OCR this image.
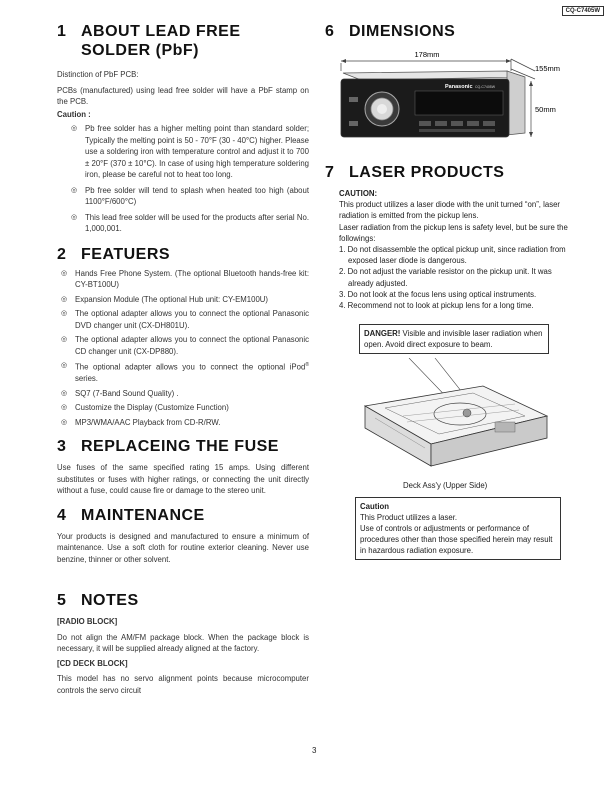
CQ-C7405W
1 ABOUT LEAD FREE
SOLDER (PbF)

Distinction of PbF PCB:

PCBs (manufactured) using lead free solder will have a PbF stamp on the PCB.

Caution :

◎ Pb free solder has a higher melting point than standard solder; Typically the melting point is 50 - 70°F (30 - 40°C) higher. Please use a soldering iron with temperature control and adjust it to 700 ± 20°F (370 ± 10°C). In case of using high temperature soldering iron, please be careful not to heat too long.

◎ Pb free solder will tend to splash when heated too high (about 1100°F/600°C)

◎ This lead free solder will be used for the products after serial No. 1,000,001.

2 FEATUERS

◎ Hands Free Phone System. (The optional Bluetooth hands-free kit: CY-BT100U)

◎ Expansion Module (The optional Hub unit: CY-EM100U)

◎ The optional adapter allows you to connect the optional Panasonic DVD changer unit (CX-DH801U).

◎ The optional adapter allows you to connect the optional Panasonic CD changer unit (CX-DP880).

◎ The optional adapter allows you to connect the optional iPod® series.

◎ SQ7 (7-Band Sound Quality) .

◎ Customize the Display (Customize Function)

◎ MP3/WMA/AAC Playback from CD-R/RW.

3 REPLACEING THE FUSE

Use fuses of the same specified rating 15 amps. Using different substitutes or fuses with higher ratings, or connecting the unit directly without a fuse, could cause fire or damage to the stereo unit.

4 MAINTENANCE

Your products is designed and manufactured to ensure a minimum of maintenance. Use a soft cloth for routine exterior cleaning. Never use benzine, thinner or other solvent.

5 NOTES

[RADIO BLOCK]

Do not align the AM/FM package block. When the package block is necessary, it will be supplied already aligned at the factory.

[CD DECK BLOCK]

This model has no servo alignment points because microcomputer controls the servo circuit

6 DIMENSIONS
178mm
155mm
50mm
Panasonic CQ-C7405W
7 LASER PRODUCTS

CAUTION:

This product utilizes a laser diode with the unit turned “on”, laser radiation is emitted from the pickup lens.

Laser radiation from the pickup lens is safety level, but be sure the followings:

1. Do not disassemble the optical pickup unit, since radiation from exposed laser diode is dangerous.

2. Do not adjust the variable resistor on the pickup unit. It was already adjusted.

3. Do not look at the focus lens using optical instruments.

4. Recommend not to look at pickup lens for a long time.

DANGER! Visible and invisible laser radiation when open. Avoid direct exposure to beam.

Deck Ass'y (Upper Side)

Caution

This Product utilizes a laser.

Use of controls or adjustments or performance of procedures other than those specified herein may result in hazardous radiation exposure.

3
